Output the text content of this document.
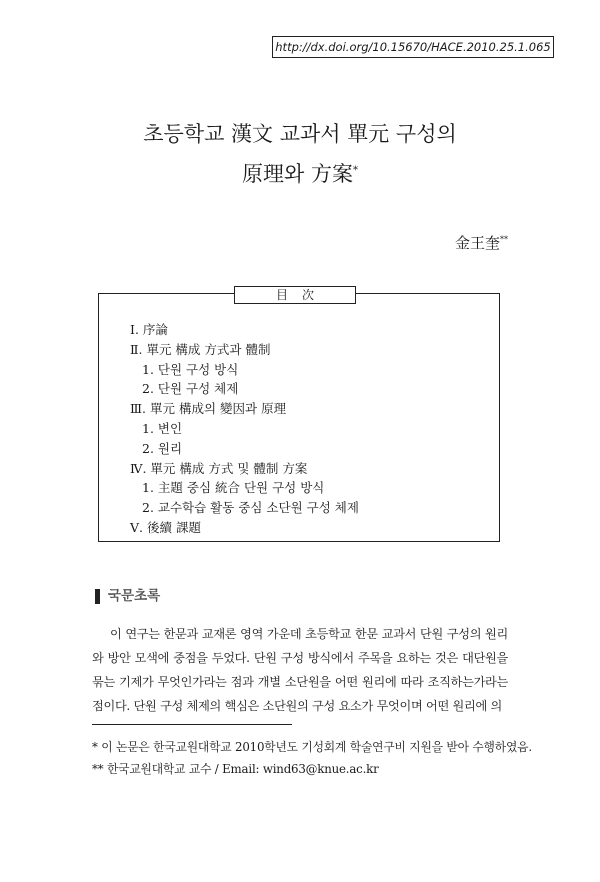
http://dx.doi.org/10.15670/HACE.2010.25.1.065
초등학교 漢文 교과서 單元 구성의
原理와 方案*
金王奎**
目次
Ⅰ. 序論
Ⅱ. 單元 構成 方式과 體制
1. 단원 구성 방식
2. 단원 구성 체제
Ⅲ. 單元 構成의 變因과 原理
1. 변인
2. 원리
Ⅳ. 單元 構成 方式 및 體制 方案
1. 主題 중심 統合 단원 구성 방식
2. 교수학습 활동 중심 소단원 구성 체제
Ⅴ. 後續 課題
국문초록

이 연구는 한문과 교재론 영역 가운데 초등학교 한문 교과서 단원 구성의 원리와 방안 모색에 중점을 두었다. 단원 구성 방식에서 주목을 요하는 것은 대단원을 묶는 기제가 무엇인가라는 점과 개별 소단원을 어떤 원리에 따라 조직하는가라는 점이다. 단원 구성 체제의 핵심은 소단원의 구성 요소가 무엇이며 어떤 원리에 의

* 이 논문은 한국교원대학교 2010학년도 기성회계 학술연구비 지원을 받아 수행하였음.
** 한국교원대학교 교수 / Email: wind63@knue.ac.kr
